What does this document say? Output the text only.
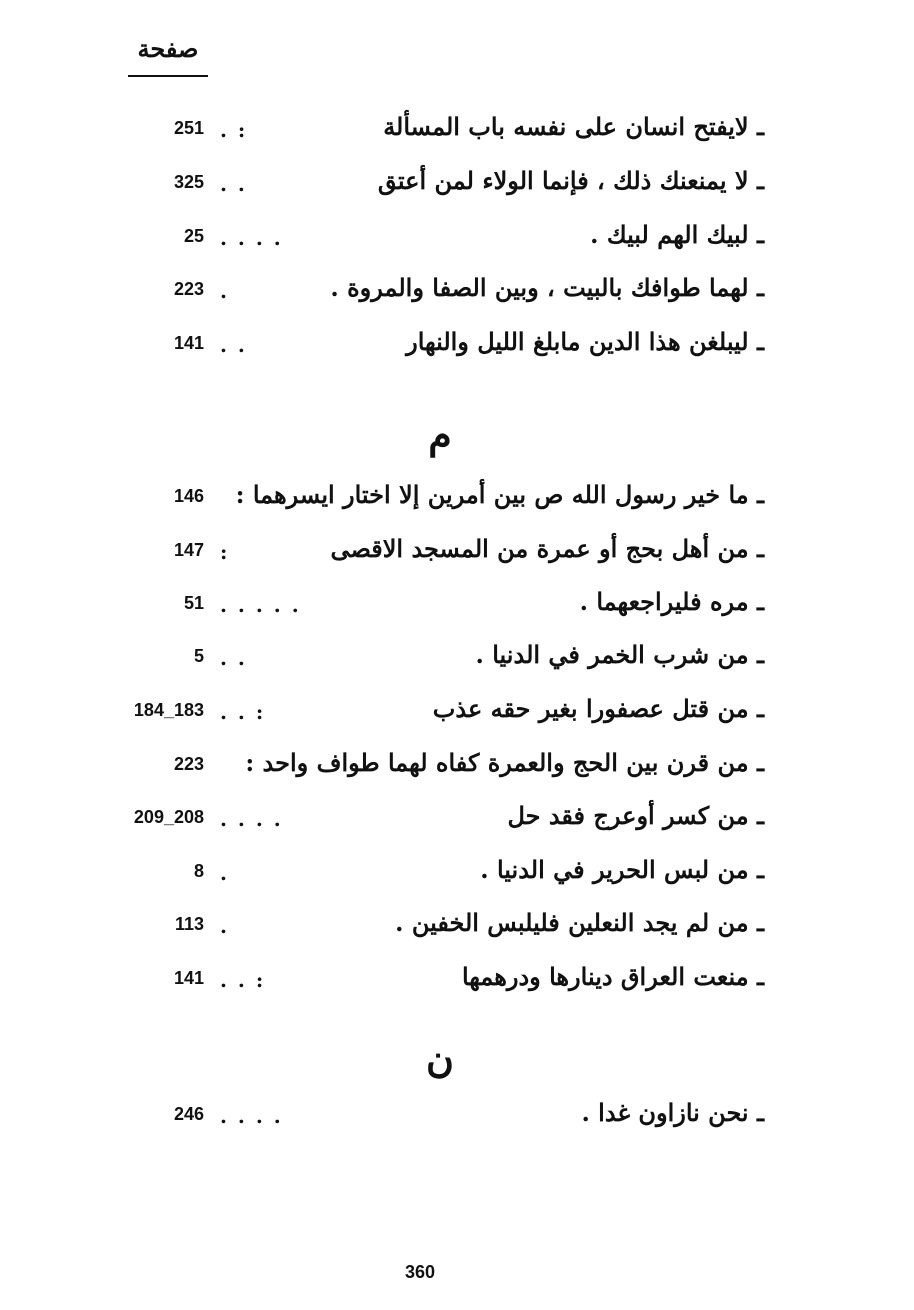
صفحة
ـ لايفتح انسان على نفسه باب المسألة
. :
251
ـ لا يمنعنك ذلك ، فإنما الولاء لمن أعتق
. .
325
ـ لبيك الهم لبيك .
. . . .
25
ـ لهما طوافك بالبيت ، وبين الصفا والمروة .
.
223
ـ ليبلغن هذا الدين مابلغ الليل والنهار
. .
141
م
ـ ما خير رسول الله ص بين أمرين إلا اختار ايسرهما :
146
ـ من أهل بحج أو عمرة من المسجد الاقصى
:
147
ـ مره فليراجعهما .
. . . . .
51
ـ من شرب الخمر في الدنيا .
. .
5
ـ من قتل عصفورا بغير حقه عذب
. . :
184_183
ـ من قرن بين الحج والعمرة كفاه لهما طواف واحد :
223
ـ من كسر أوعرج فقد حل
. . . .
209_208
ـ من لبس الحرير في الدنيا .
.
8
ـ من لم يجد النعلين فليلبس الخفين .
.
113
ـ منعت العراق دينارها ودرهمها
. . :
141
ن
ـ نحن نازاون غدا .
. . . .
246
360
